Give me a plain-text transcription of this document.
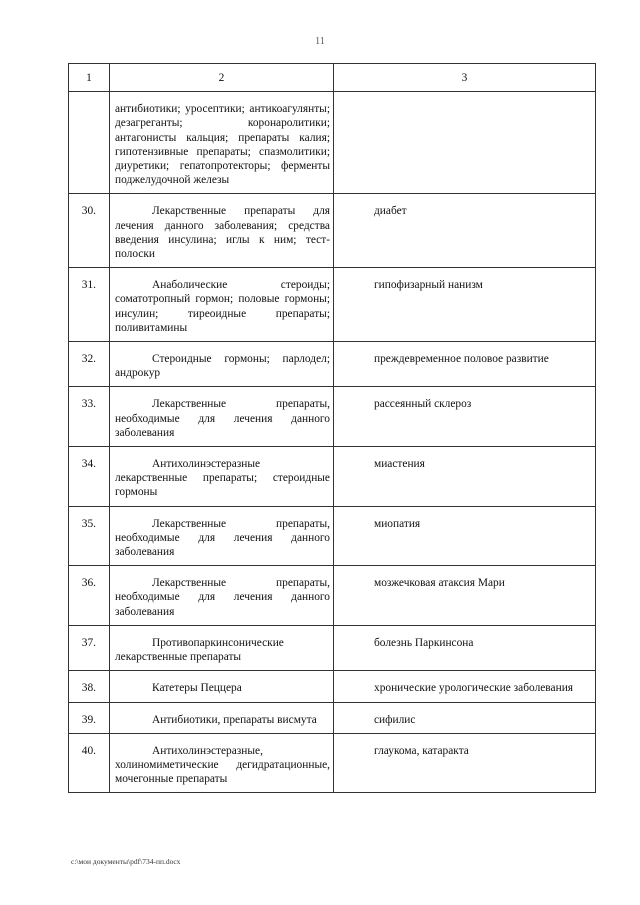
11
1	2	3
	антибиотики; уросептики; антикоагулянты; дезагреганты; коронаролитики; антагонисты кальция; препараты калия; гипотензивные препараты; спазмолитики; диуретики; гепатопротекторы; ферменты поджелудочной железы	
30.	Лекарственные препараты для лечения данного заболевания; средства введения инсулина; иглы к ним; тест-полоски	диабет
31.	Анаболические стероиды; соматотропный гормон; половые гормоны; инсулин; тиреоидные препараты; поливитамины	гипофизарный нанизм
32.	Стероидные гормоны; парлодел; андрокур	преждевременное половое развитие
33.	Лекарственные препараты, необходимые для лечения данного заболевания	рассеянный склероз
34.	Антихолинэстеразные лекарственные препараты; стероидные гормоны	миастения
35.	Лекарственные препараты, необходимые для лечения данного заболевания	миопатия
36.	Лекарственные препараты, необходимые для лечения данного заболевания	мозжечковая атаксия Мари
37.	Противопаркинсонические лекарственные препараты	болезнь Паркинсона
38.	Катетеры Пеццера	хронические урологические заболевания
39.	Антибиотики, препараты висмута	сифилис
40.	Антихолинэстеразные, холиномиметические дегидратационные, мочегонные препараты	глаукома, катаракта
c:\мои документы\pdf\734-пп.docx
